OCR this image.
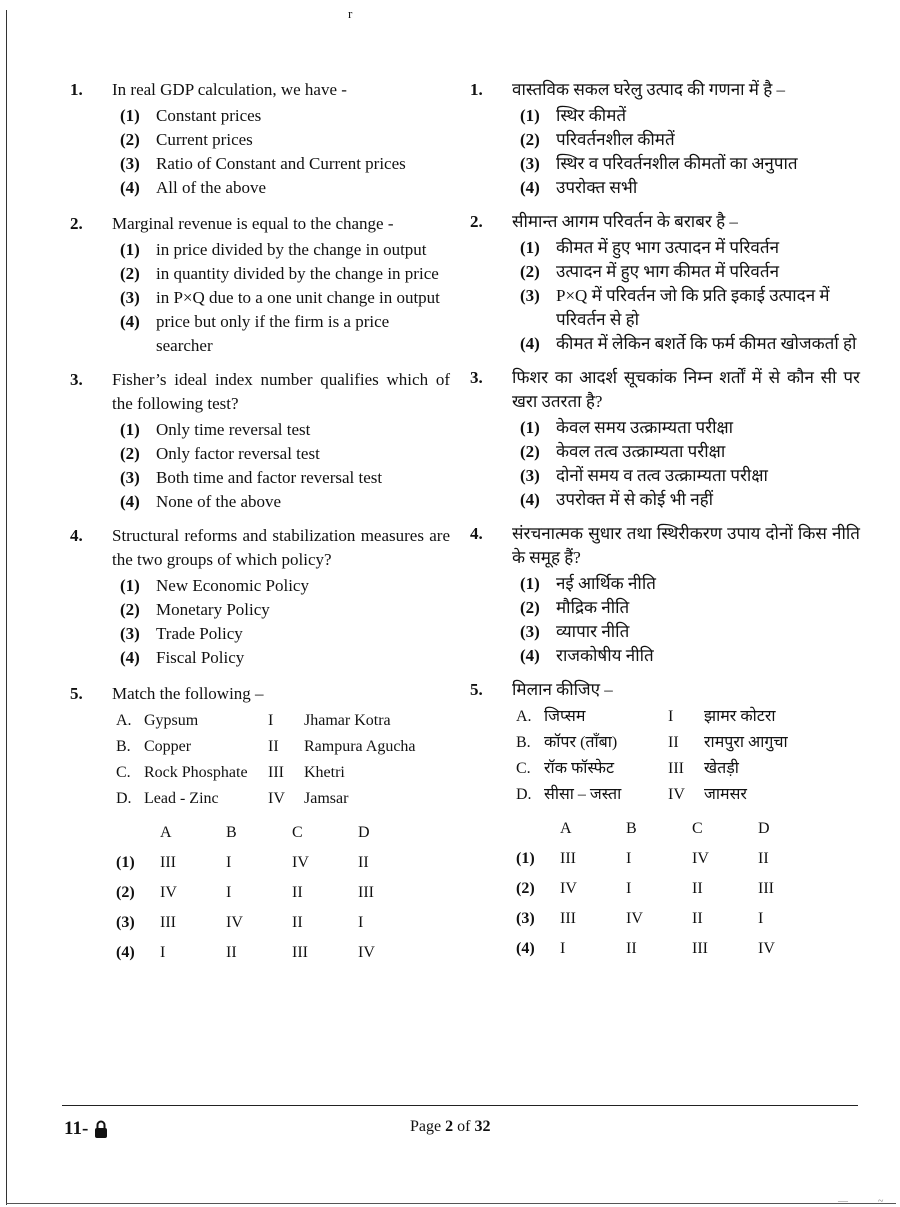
r
1.	In real GDP calculation, we have -
(1) Constant prices
(2) Current prices
(3) Ratio of Constant and Current prices
(4) All of the above
2.	Marginal revenue is equal to the change -
(1) in price divided by the change in output
(2) in quantity divided by the change in price
(3) in P×Q due to a one unit change in output
(4) price but only if the firm is a price searcher
3.	Fisher’s ideal index number qualifies which of the following test?
(1) Only time reversal test
(2) Only factor reversal test
(3) Both time and factor reversal test
(4) None of the above
4.	Structural reforms and stabilization measures are the two groups of which policy?
(1) New Economic Policy
(2) Monetary Policy
(3) Trade Policy
(4) Fiscal Policy
5.	Match the following –
A.	Gypsum	I	Jhamar Kotra
B.	Copper	II	Rampura Agucha
C.	Rock Phosphate	III	Khetri
D.	Lead - Zinc	IV	Jamsar
	A	B	C	D
(1)	III	I	IV	II
(2)	IV	I	II	III
(3)	III	IV	II	I
(4)	I	II	III	IV
1.	वास्तविक सकल घरेलु उत्पाद की गणना में है –
(1) स्थिर कीमतें
(2) परिवर्तनशील कीमतें
(3) स्थिर व परिवर्तनशील कीमतों का अनुपात
(4) उपरोक्त सभी
2.	सीमान्त आगम परिवर्तन के बराबर है –
(1) कीमत में हुए भाग उत्पादन में परिवर्तन
(2) उत्पादन में हुए भाग कीमत में परिवर्तन
(3) P×Q में परिवर्तन जो कि प्रति इकाई उत्पादन में परिवर्तन से हो
(4) कीमत में लेकिन बशर्ते कि फर्म कीमत खोजकर्ता हो
3.	फिशर का आदर्श सूचकांक निम्न शर्तों में से कौन सी पर खरा उतरता है?
(1) केवल समय उत्क्राम्यता परीक्षा
(2) केवल तत्व उत्क्राम्यता परीक्षा
(3) दोनों समय व तत्व उत्क्राम्यता परीक्षा
(4) उपरोक्त में से कोई भी नहीं
4.	संरचनात्मक सुधार तथा स्थिरीकरण उपाय दोनों किस नीति के समूह हैं?
(1) नई आर्थिक नीति
(2) मौद्रिक नीति
(3) व्यापार नीति
(4) राजकोषीय नीति
5.	मिलान कीजिए –
A.	जिप्सम	I	झामर कोटरा
B.	कॉपर (ताँबा)	II	रामपुरा आगुचा
C.	रॉक फॉस्फेट	III	खेतड़ी
D.	सीसा – जस्ता	IV	जामसर
	A	B	C	D
(1)	III	I	IV	II
(2)	IV	I	II	III
(3)	III	IV	II	I
(4)	I	II	III	IV
11-	Page 2 of 32
—	~
